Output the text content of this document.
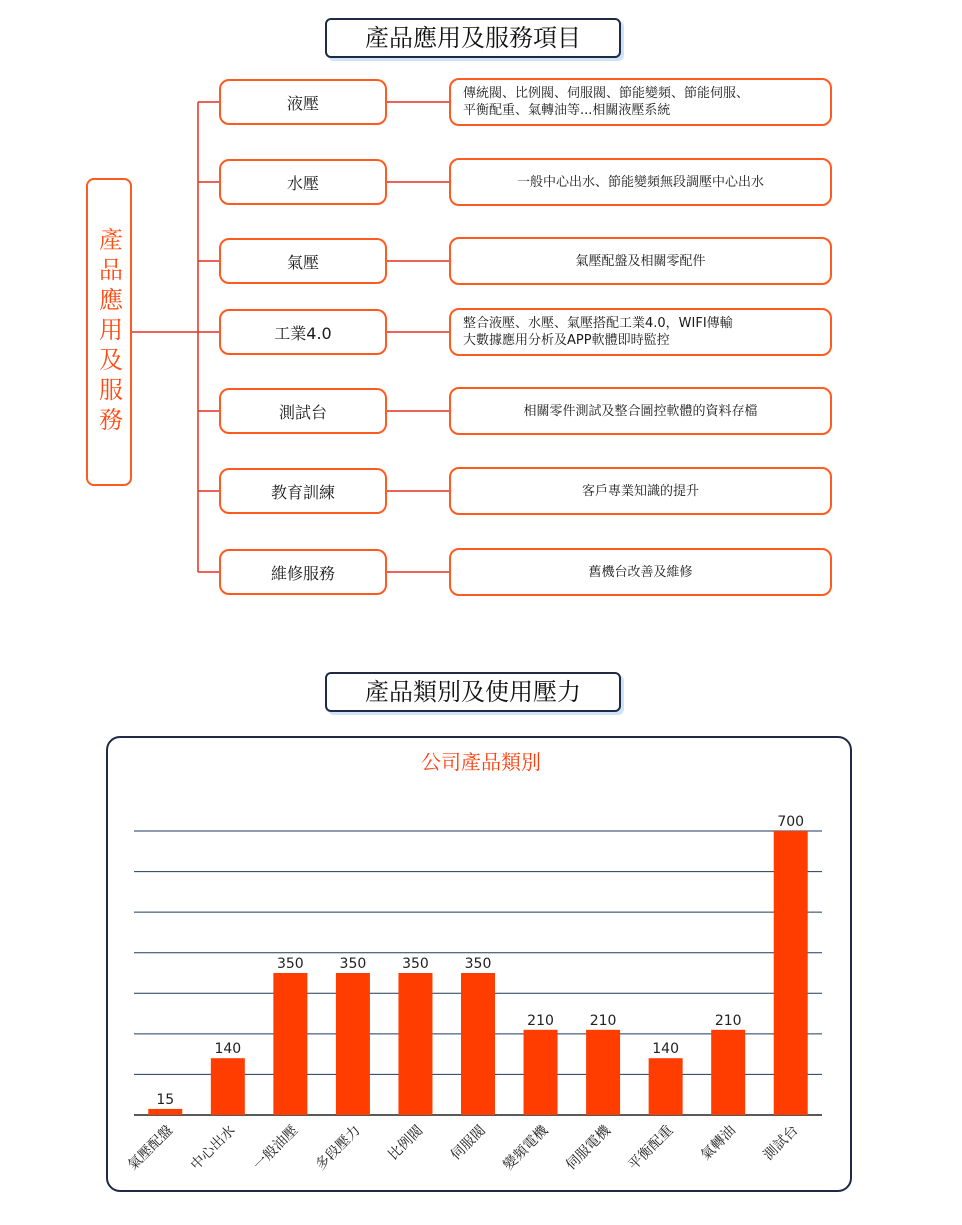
產品應用及服務項目
產品應用及服務
液壓
水壓
氣壓
工業4.0
測試台
教育訓練
維修服務
傳統閥、比例閥、伺服閥、節能變頻、節能伺服、
平衡配重、氣轉油等...相關液壓系統
一般中心出水、節能變頻無段調壓中心出水
氣壓配盤及相關零配件
整合液壓、水壓、氣壓搭配工業4.0，WIFI傳輸
大數據應用分析及APP軟體即時監控
相關零件測試及整合圖控軟體的資料存檔
客戶專業知識的提升
舊機台改善及維修
產品類別及使用壓力
公司產品類別
15
氣壓配盤
140
中心出水
350
一般油壓
350
多段壓力
350
比例閥
350
伺服閥
210
變頻電機
210
伺服電機
140
平衡配重
210
氣轉油
700
測試台
